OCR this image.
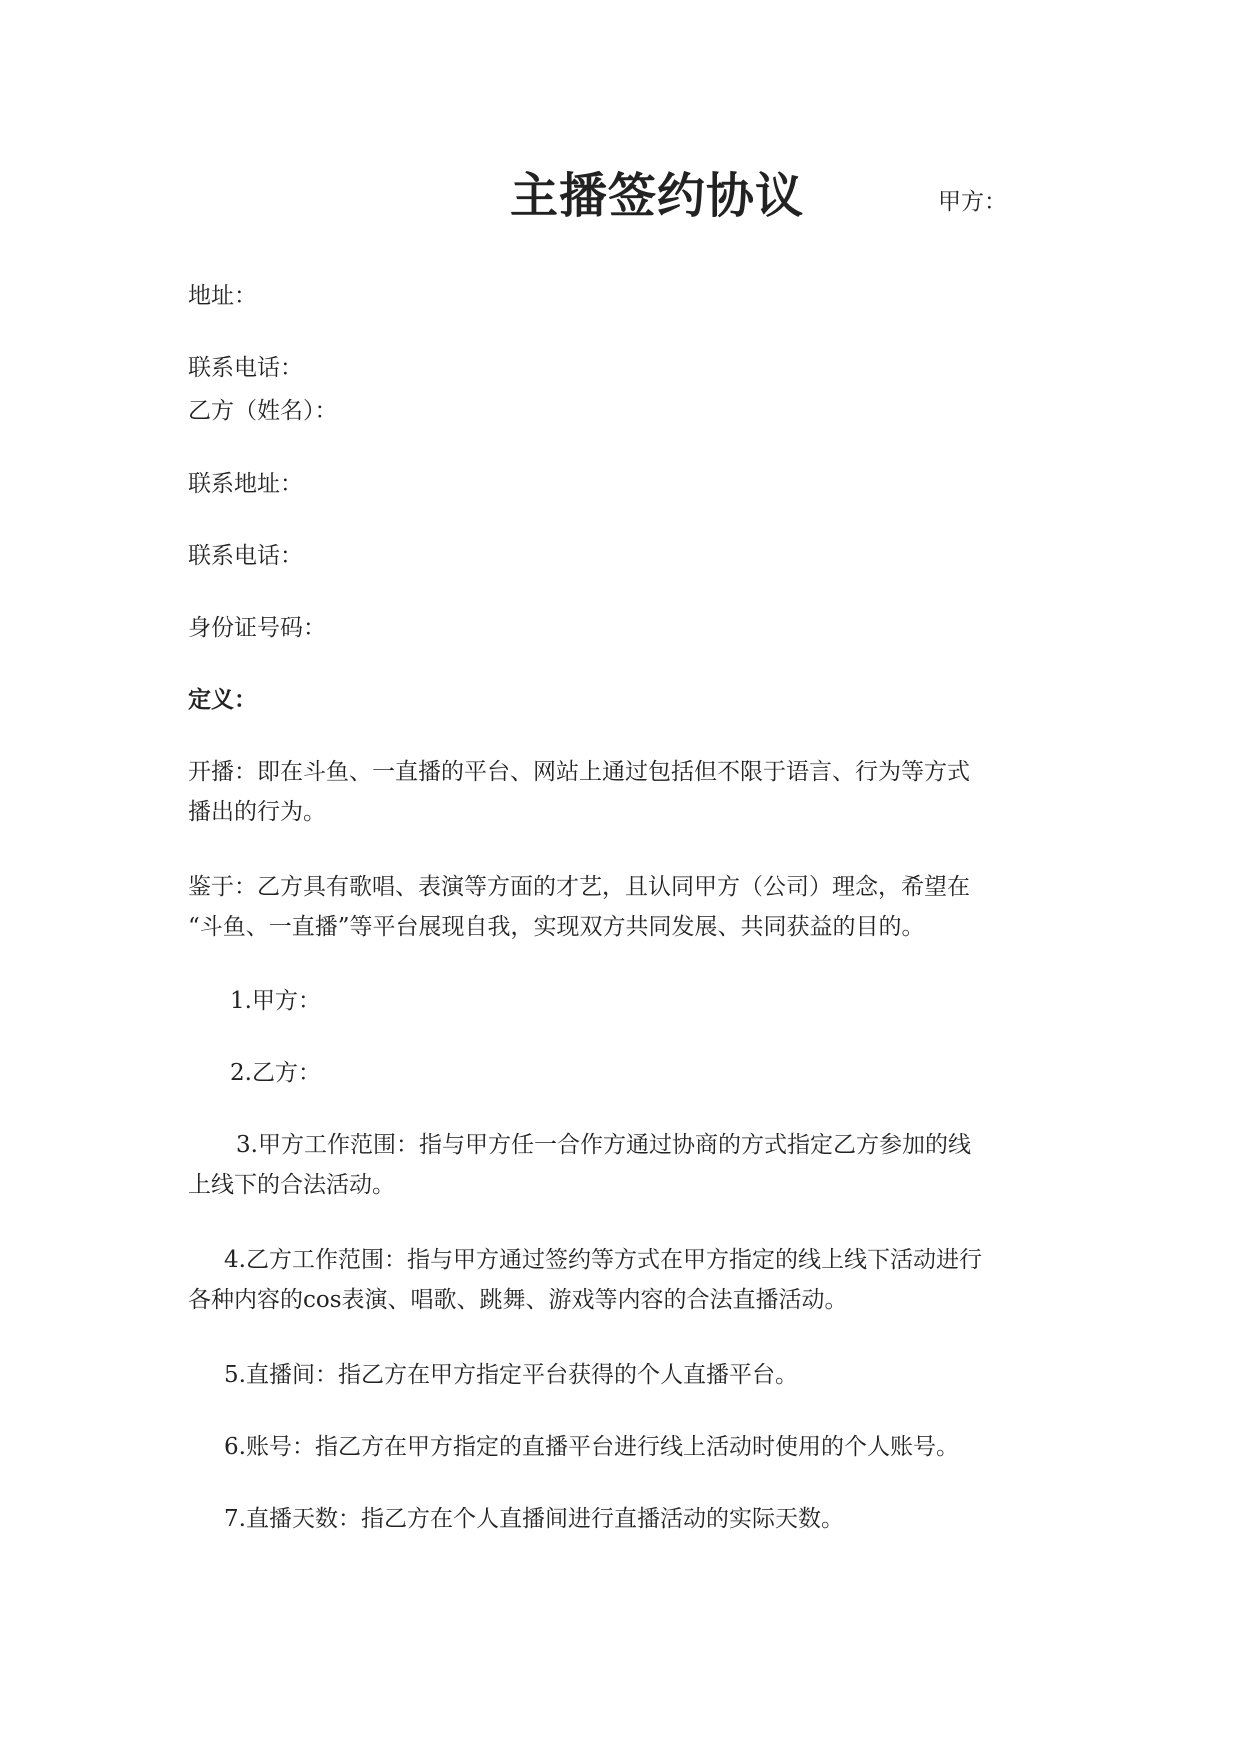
主播签约协议	甲方：
地址：
联系电话：
乙方（姓名）：
联系地址：
联系电话：
身份证号码：
定义：
开播：即在斗鱼、一直播的平台、网站上通过包括但不限于语言、行为等方式
播出的行为。
鉴于：乙方具有歌唱、表演等方面的才艺，且认同甲方（公司）理念，希望在
“斗鱼、一直播”等平台展现自我，实现双方共同发展、共同获益的目的。
1.甲方：
2.乙方：
3.甲方工作范围：指与甲方任一合作方通过协商的方式指定乙方参加的线
上线下的合法活动。
4.乙方工作范围：指与甲方通过签约等方式在甲方指定的线上线下活动进行
各种内容的cos表演、唱歌、跳舞、游戏等内容的合法直播活动。
5.直播间：指乙方在甲方指定平台获得的个人直播平台。
6.账号：指乙方在甲方指定的直播平台进行线上活动时使用的个人账号。
7.直播天数：指乙方在个人直播间进行直播活动的实际天数。
